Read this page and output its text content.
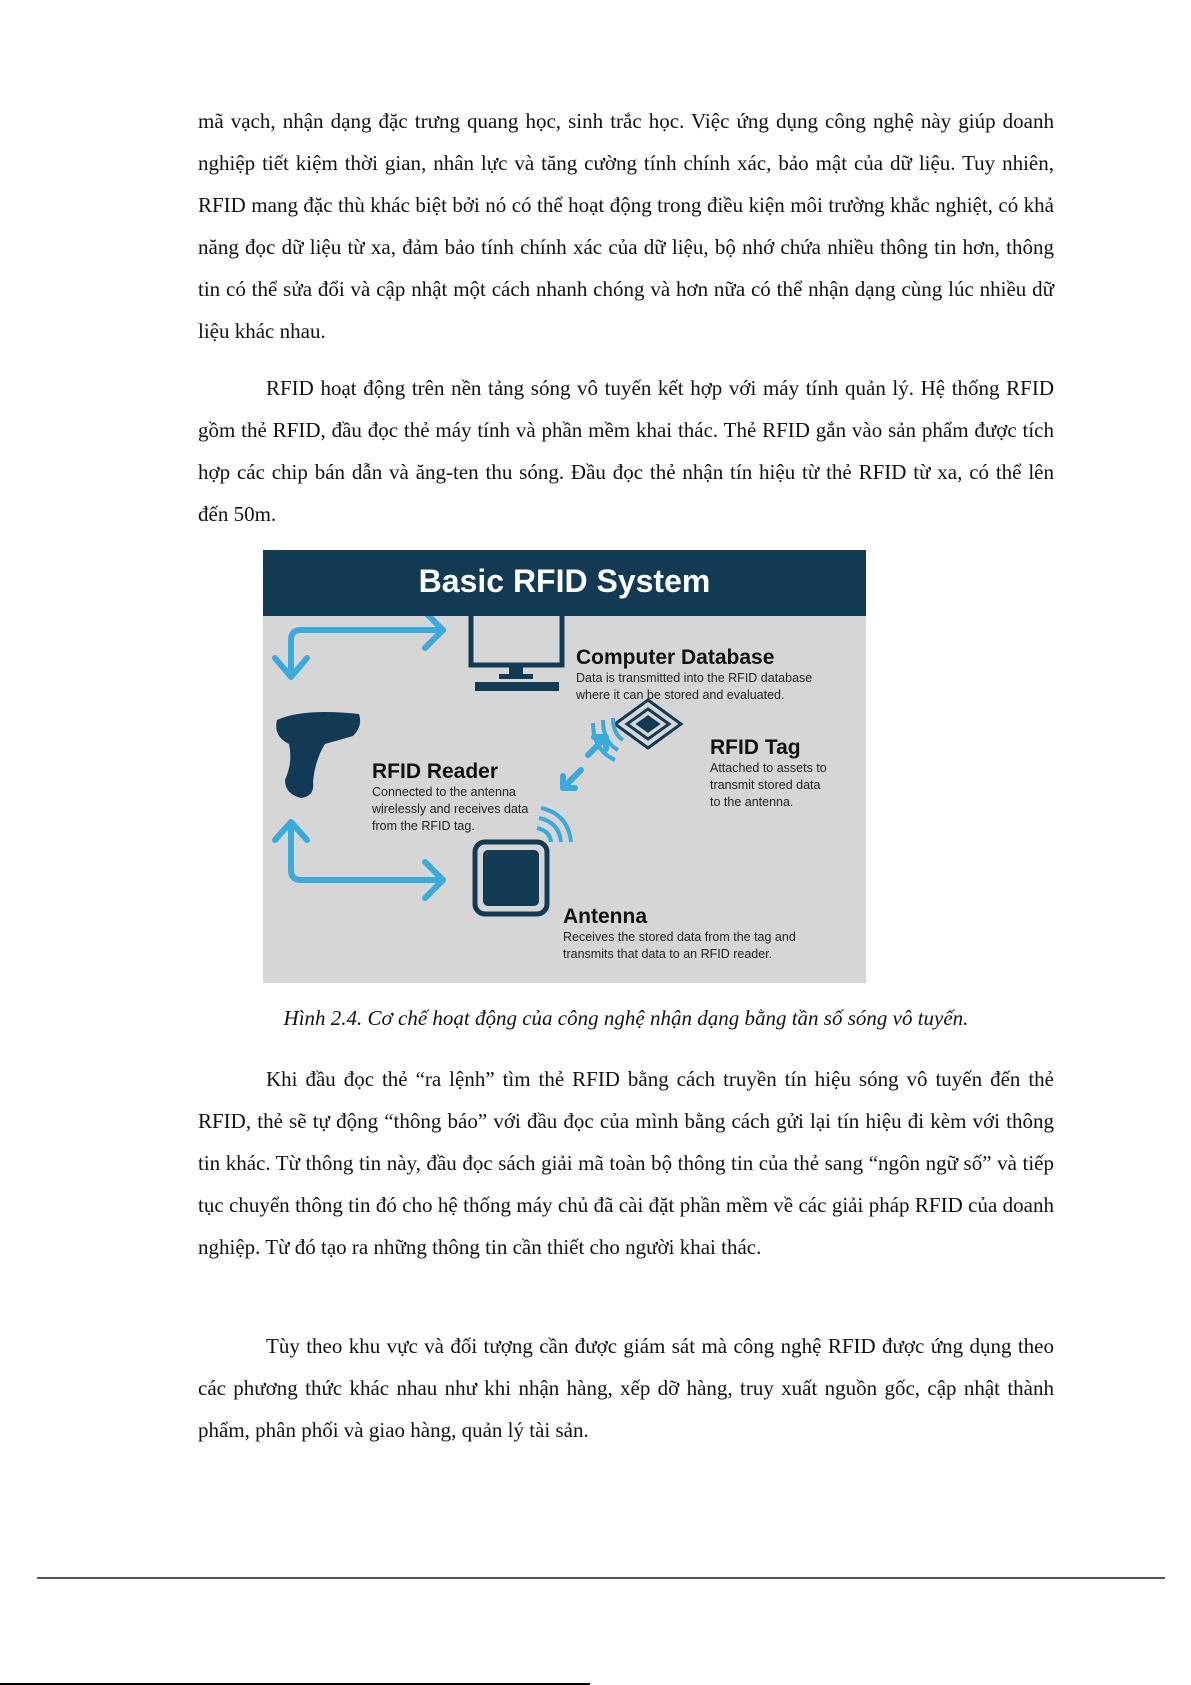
mã vạch, nhận dạng đặc trưng quang học, sinh trắc học. Việc ứng dụng công nghệ này giúp doanh nghiệp tiết kiệm thời gian, nhân lực và tăng cường tính chính xác, bảo mật của dữ liệu. Tuy nhiên, RFID mang đặc thù khác biệt bởi nó có thể hoạt động trong điều kiện môi trường khắc nghiệt, có khả năng đọc dữ liệu từ xa, đảm bảo tính chính xác của dữ liệu, bộ nhớ chứa nhiều thông tin hơn, thông tin có thể sửa đổi và cập nhật một cách nhanh chóng và hơn nữa có thể nhận dạng cùng lúc nhiều dữ liệu khác nhau.

RFID hoạt động trên nền tảng sóng vô tuyến kết hợp với máy tính quản lý. Hệ thống RFID gồm thẻ RFID, đầu đọc thẻ máy tính và phần mềm khai thác. Thẻ RFID gắn vào sản phẩm được tích hợp các chip bán dẫn và ăng-ten thu sóng. Đầu đọc thẻ nhận tín hiệu từ thẻ RFID từ xa, có thể lên đến 50m.

Basic RFID System
Computer Database
Data is transmitted into the RFID database
where it can be stored and evaluated.
RFID Tag
Attached to assets to
transmit stored data
to the antenna.
RFID Reader
Connected to the antenna
wirelessly and receives data
from the RFID tag.
Antenna
Receives the stored data from the tag and
transmits that data to an RFID reader.
Hình 2.4. Cơ chế hoạt động của công nghệ nhận dạng bằng tần số sóng vô tuyến.

Khi đầu đọc thẻ “ra lệnh” tìm thẻ RFID bằng cách truyền tín hiệu sóng vô tuyến đến thẻ RFID, thẻ sẽ tự động “thông báo” với đầu đọc của mình bằng cách gửi lại tín hiệu đi kèm với thông tin khác. Từ thông tin này, đầu đọc sách giải mã toàn bộ thông tin của thẻ sang “ngôn ngữ số” và tiếp tục chuyển thông tin đó cho hệ thống máy chủ đã cài đặt phần mềm về các giải pháp RFID của doanh nghiệp. Từ đó tạo ra những thông tin cần thiết cho người khai thác.

Tùy theo khu vực và đối tượng cần được giám sát mà công nghệ RFID được ứng dụng theo các phương thức khác nhau như khi nhận hàng, xếp dỡ hàng, truy xuất nguồn gốc, cập nhật thành phẩm, phân phối và giao hàng, quản lý tài sản.
